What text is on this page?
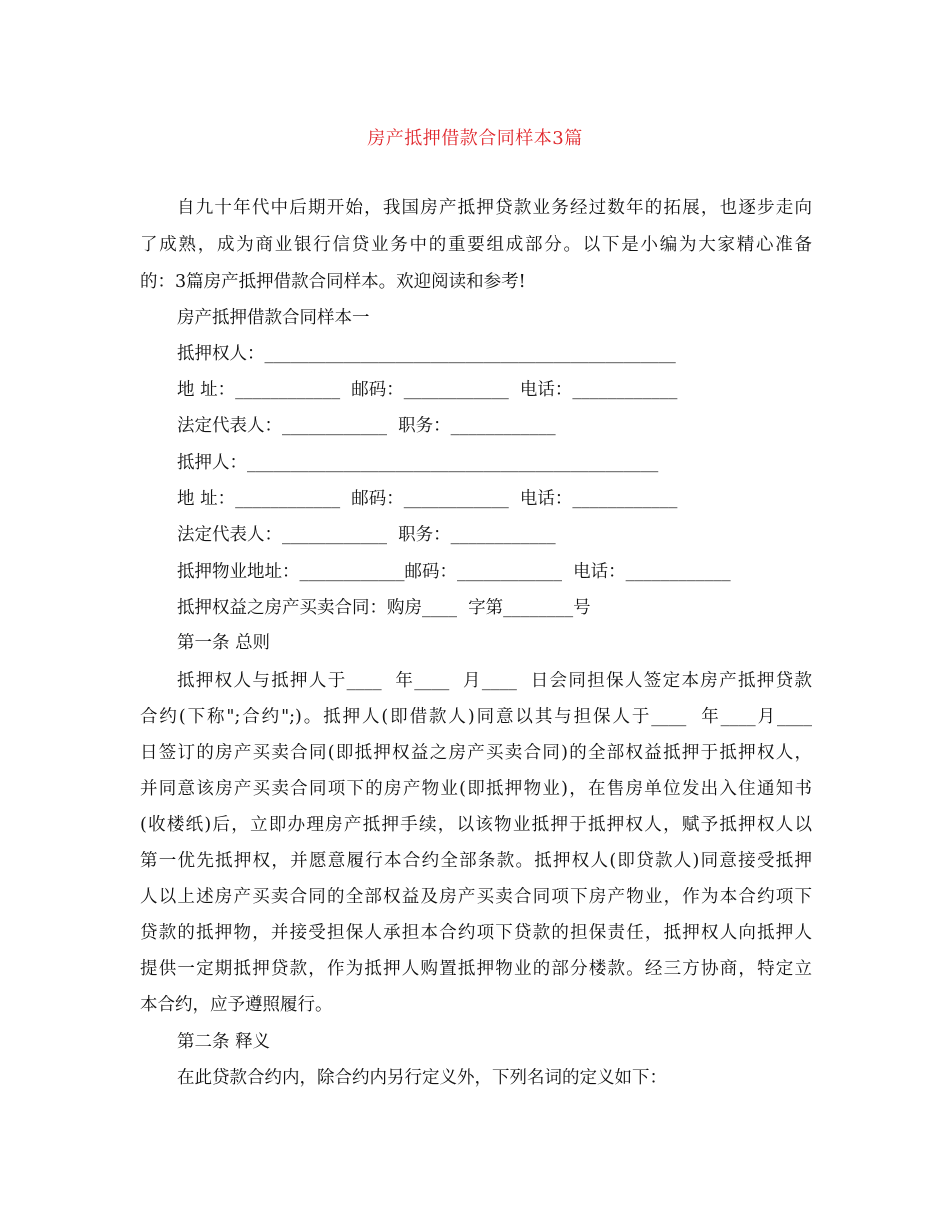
房产抵押借款合同样本3篇
自九十年代中后期开始，我国房产抵押贷款业务经过数年的拓展，也逐步走向
了成熟，成为商业银行信贷业务中的重要组成部分。以下是小编为大家精心准备
的：3篇房产抵押借款合同样本。欢迎阅读和参考!
房产抵押借款合同样本一
抵押权人：_______________________________________________
地 址：____________  邮码：____________  电话：____________
法定代表人：____________  职务：____________
抵押人：_______________________________________________
地 址：____________  邮码：____________  电话：____________
法定代表人：____________  职务：____________
抵押物业地址：____________邮码：____________  电话：____________
抵押权益之房产买卖合同：购房____  字第________号
第一条 总则
抵押权人与抵押人于____  年____  月____  日会同担保人签定本房产抵押贷款
合约(下称";合约";)。抵押人(即借款人)同意以其与担保人于____  年____月____
日签订的房产买卖合同(即抵押权益之房产买卖合同)的全部权益抵押于抵押权人，
并同意该房产买卖合同项下的房产物业(即抵押物业)，在售房单位发出入住通知书
(收楼纸)后，立即办理房产抵押手续，以该物业抵押于抵押权人，赋予抵押权人以
第一优先抵押权，并愿意履行本合约全部条款。抵押权人(即贷款人)同意接受抵押
人以上述房产买卖合同的全部权益及房产买卖合同项下房产物业，作为本合约项下
贷款的抵押物，并接受担保人承担本合约项下贷款的担保责任，抵押权人向抵押人
提供一定期抵押贷款，作为抵押人购置抵押物业的部分楼款。经三方协商，特定立
本合约，应予遵照履行。
第二条 释义
在此贷款合约内，除合约内另行定义外，下列名词的定义如下：
